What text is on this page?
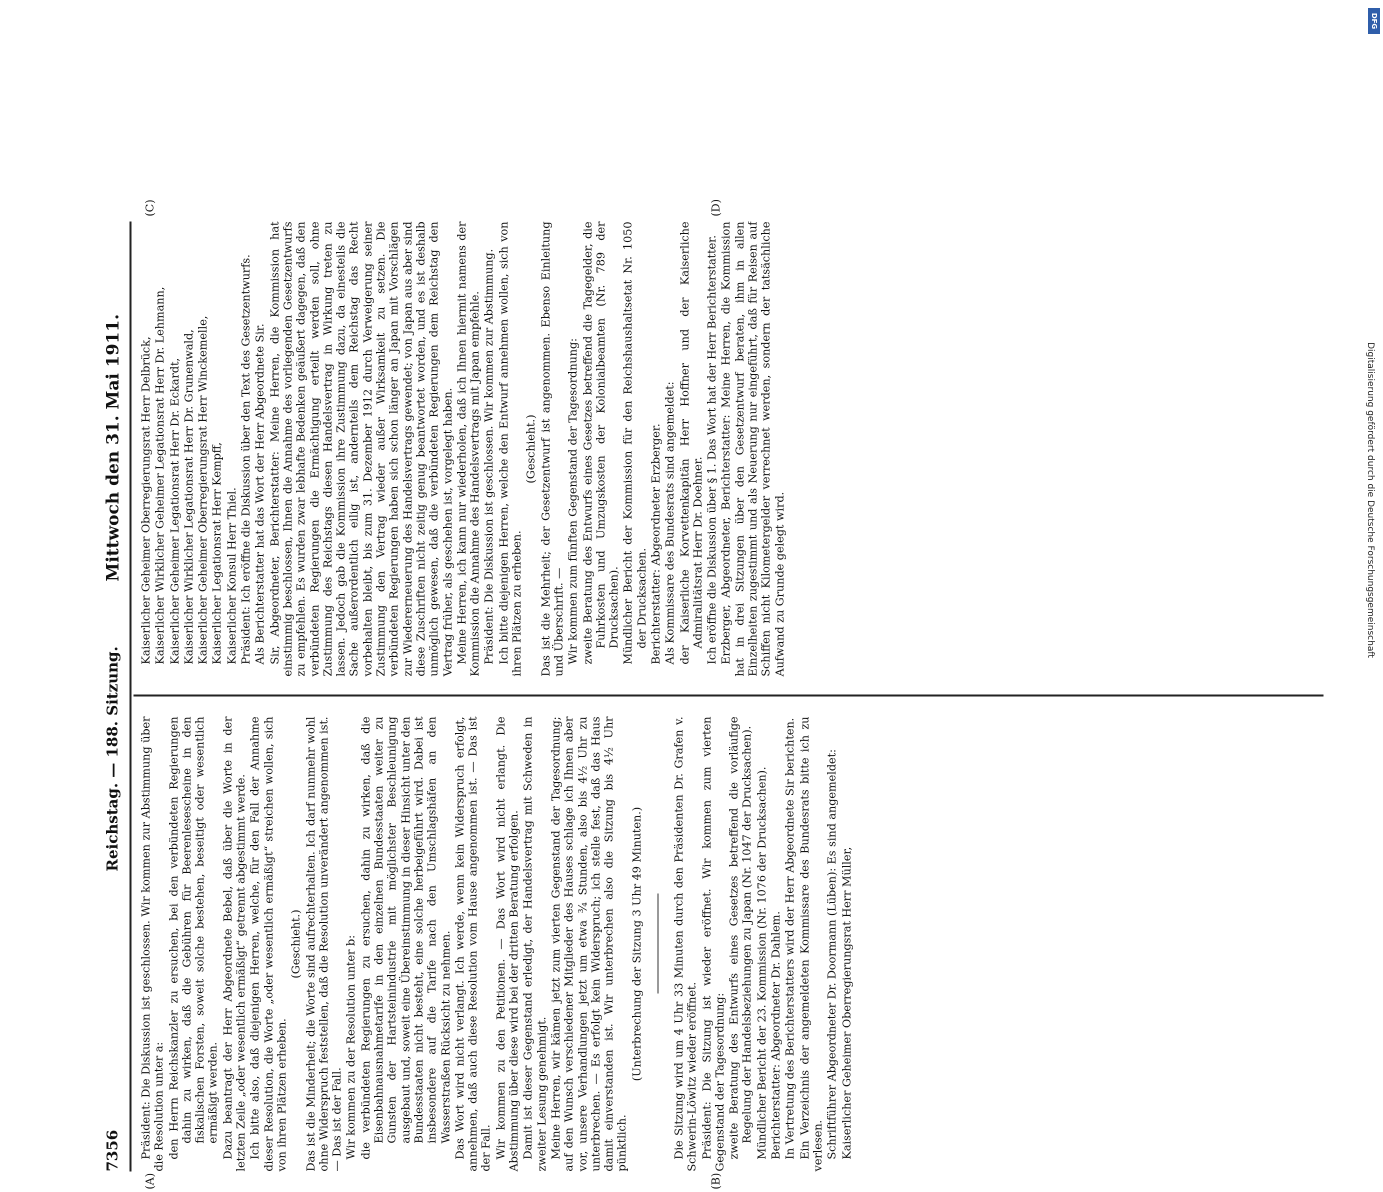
7356
Reichstag. — 188. Sitzung.
Mittwoch den 31. Mai 1911.
(A)	(B)
(C)	(D)

Präsident: Die Diskussion ist geschlossen. Wir kommen zur Abstimmung über die Resolution unter a: den Herrn Reichskanzler zu ersuchen, bei den verbündeten Regierungen dahin zu wirken, daß die Gebühren für Beerenlesescheine in den fiskalischen Forsten, soweit solche bestehen, beseitigt oder wesentlich ermäßigt werden. Dazu beantragt der Herr Abgeordnete Bebel, daß über die Worte in der letzten Zeile „oder wesentlich ermäßigt“ getrennt abgestimmt werde. Ich bitte also, daß diejenigen Herren, welche, für den Fall der Annahme dieser Resolution, die Worte „oder wesentlich ermäßigt“ streichen wollen, sich von ihren Plätzen erheben.

(Geschieht.) Das ist die Minderheit; die Worte sind aufrechterhalten. Ich darf nunmehr wohl ohne Widerspruch feststellen, daß die Resolution unverändert angenommen ist. — Das ist der Fall. Wir kommen zu der Resolution unter b: die verbündeten Regierungen zu ersuchen, dahin zu wirken, daß die Eisenbahnausnahmetarife in den einzelnen Bundesstaaten weiter zu Gunsten der Hartsteinindustrie mit möglichster Beschleunigung ausgebaut und, soweit eine Übereinstimmung in dieser Hinsicht unter den Bundesstaaten nicht besteht, eine solche herbeigeführt wird. Dabei ist insbesondere auf die Tarife nach den Umschlagshäfen an den Wasserstraßen Rücksicht zu nehmen. Das Wort wird nicht verlangt. Ich werde, wenn kein Widerspruch erfolgt, annehmen, daß auch diese Resolution vom Hause angenommen ist. — Das ist der Fall. Wir kommen zu den Petitionen. — Das Wort wird nicht erlangt. Die Abstimmung über diese wird bei der dritten Beratung erfolgen. Damit ist dieser Gegenstand erledigt, der Handelsvertrag mit Schweden in zweiter Lesung genehmigt. Meine Herren, wir kämen jetzt zum vierten Gegenstand der Tagesordnung; auf den Wunsch verschiedener Mitglieder des Hauses schlage ich Ihnen aber vor, unsere Verhandlungen jetzt um etwa ¾ Stunden, also bis 4½ Uhr zu unterbrechen. — Es erfolgt kein Widerspruch; ich stelle fest, daß das Haus damit einverstanden ist. Wir unterbrechen also die Sitzung bis 4½ Uhr pünktlich.

(Unterbrechung der Sitzung 3 Uhr 49 Minuten.)	Die Sitzung wird um 4 Uhr 33 Minuten durch den Präsidenten Dr. Grafen v. Schwerin-Löwitz wieder eröffnet. Präsident: Die Sitzung ist wieder eröffnet. Wir kommen zum vierten Gegenstand der Tagesordnung: zweite Beratung des Entwurfs eines Gesetzes betreffend die vorläufige Regelung der Handelsbeziehungen zu Japan (Nr. 1047 der Drucksachen). Mündlicher Bericht der 23. Kommission (Nr. 1076 der Drucksachen). Berichterstatter: Abgeordneter Dr. Dahlem. In Vertretung des Berichterstatters wird der Herr Abgeordnete Sir berichten. Ein Verzeichnis der angemeldeten Kommissare des Bundesrats bitte ich zu verlesen. Schriftführer Abgeordneter Dr. Doormann (Lüben): Es sind angemeldet: Kaiserlicher Geheimer Oberregierungsrat Herr Müller,

Kaiserlicher Geheimer Oberregierungsrat Herr Delbrück, Kaiserlicher Wirklicher Geheimer Legationsrat Herr Dr. Lehmann, Kaiserlicher Geheimer Legationsrat Herr Dr. Eckardt, Kaiserlicher Wirklicher Legationsrat Herr Dr. Grunenwald, Kaiserlicher Geheimer Oberregierungsrat Herr Winckemelle, Kaiserlicher Legationsrat Herr Kempff, Kaiserlicher Konsul Herr Thiel. Präsident: Ich eröffne die Diskussion über den Text des Gesetzentwurfs. Als Berichterstatter hat das Wort der Herr Abgeordnete Sir. Sir, Abgeordneter, Berichterstatter: Meine Herren, die Kommission hat einstimmig beschlossen, Ihnen die Annahme des vorliegenden Gesetzentwurfs zu empfehlen. Es wurden zwar lebhafte Bedenken geäußert dagegen, daß den verbündeten Regierungen die Ermächtigung erteilt werden soll, ohne Zustimmung des Reichstags diesen Handelsvertrag in Wirkung treten zu lassen. Jedoch gab die Kommission ihre Zustimmung dazu, da einesteils die Sache außerordentlich eilig ist, andernteils dem Reichstag das Recht vorbehalten bleibt, bis zum 31. Dezember 1912 durch Verweigerung seiner Zustimmung den Vertrag wieder außer Wirksamkeit zu setzen. Die verbündeten Regierungen haben sich schon länger an Japan mit Vorschlägen zur Wiedererneuerung des Handelsvertrags gewendet; von Japan aus aber sind diese Zuschriften nicht zeitig genug beantwortet worden, und es ist deshalb unmöglich gewesen, daß die verbündeten Regierungen dem Reichstag den Vertrag früher, als geschehen ist, vorgelegt haben. Meine Herren, ich kann nur wiederholen, daß ich Ihnen hiermit namens der Kommission die Annahme des Handelsvertrags mit Japan empfehle. Präsident: Die Diskussion ist geschlossen. Wir kommen zur Abstimmung. Ich bitte diejenigen Herren, welche den Entwurf annehmen wollen, sich von ihren Plätzen zu erheben.

(Geschieht.) Das ist die Mehrheit; der Gesetzentwurf ist angenommen. Ebenso Einleitung und Überschrift. — Wir kommen zum fünften Gegenstand der Tagesordnung: zweite Beratung des Entwurfs eines Gesetzes betreffend die Tagegelder, die Fuhrkosten und Umzugskosten der Kolonialbeamten (Nr. 789 der Drucksachen). Mündlicher Bericht der Kommission für den Reichshaushaltsetat Nr. 1050 der Drucksachen. Berichterstatter: Abgeordneter Erzberger. Als Kommissare des Bundesrats sind angemeldet: der Kaiserliche Korvettenkapitän Herr Hoffner und der Kaiserliche Admiralitätsrat Herr Dr. Doehner. Ich eröffne die Diskussion über § 1. Das Wort hat der Herr Berichterstatter. Erzberger, Abgeordneter, Berichterstatter: Meine Herren, die Kommission hat in drei Sitzungen über den Gesetzentwurf beraten, ihm in allen Einzelheiten zugestimmt und als Neuerung nur eingeführt, daß für Reisen auf Schiffen nicht Kilometergelder verrechnet werden, sondern der tatsächliche Aufwand zu Grunde gelegt wird.	Digitalisierung gefördert durch die Deutsche Forschungsgemeinschaft
DFG
